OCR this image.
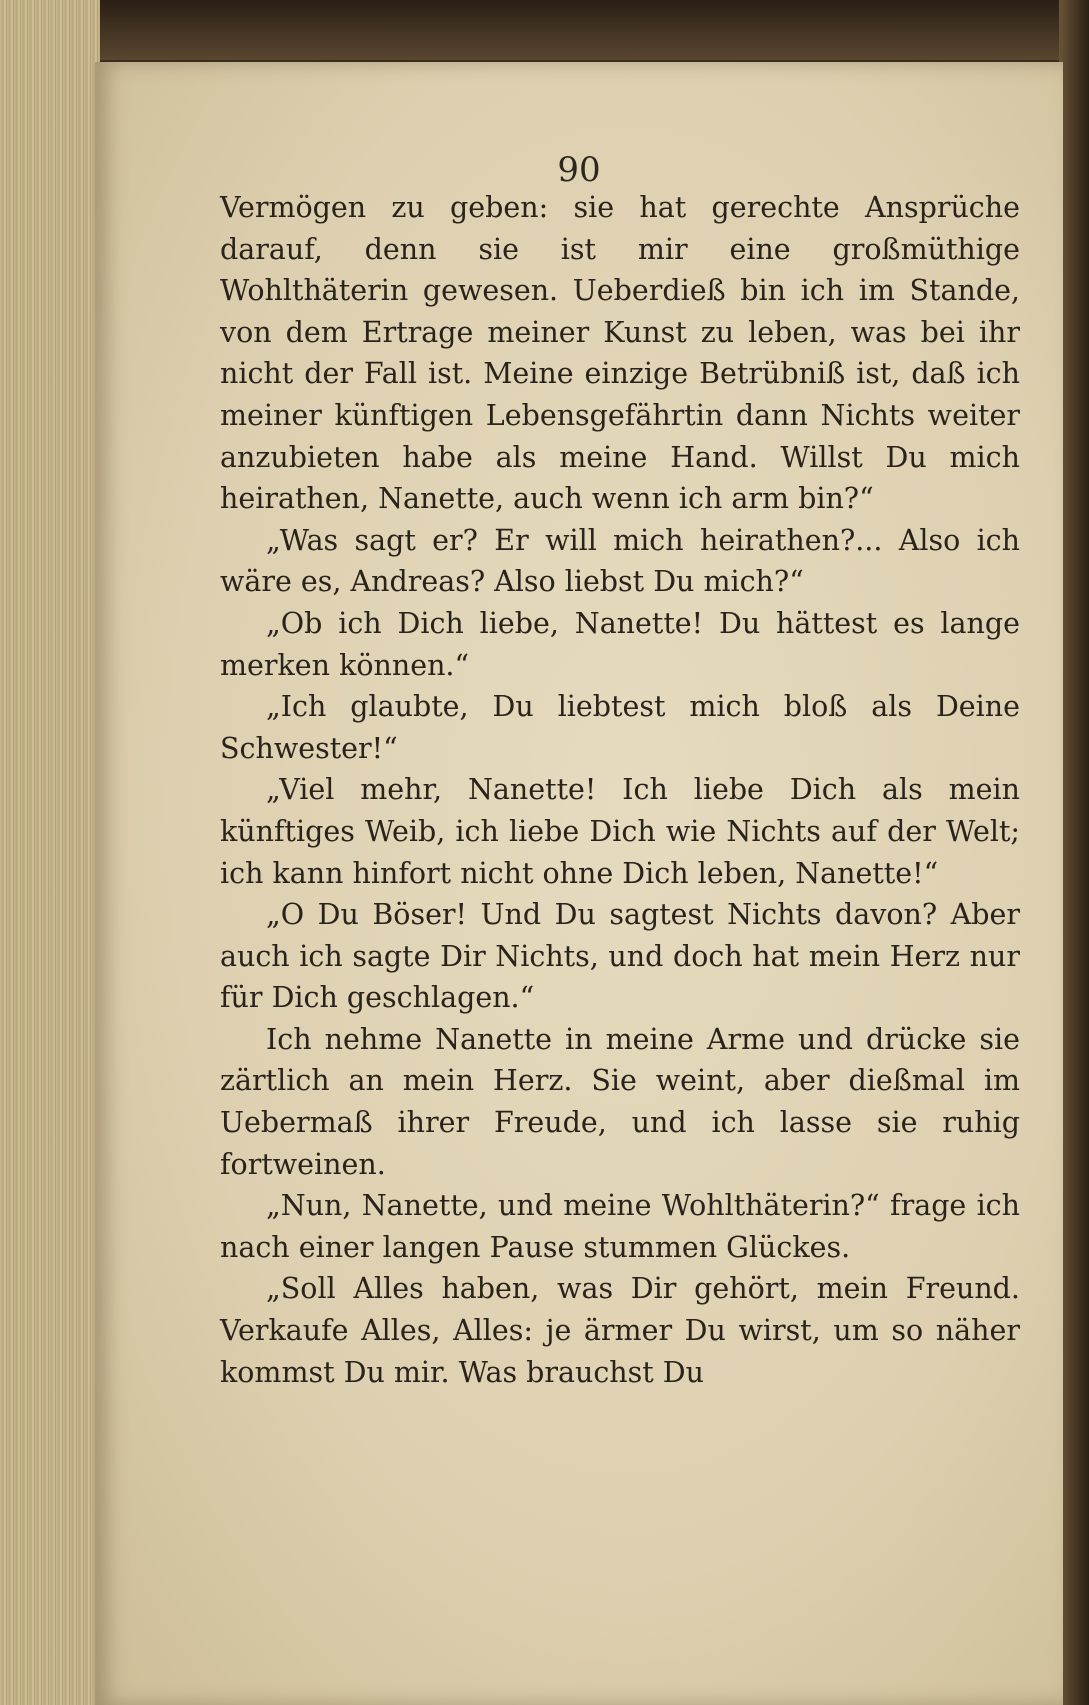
90

Vermögen zu geben: sie hat gerechte Ansprüche darauf, denn sie ist mir eine großmüthige Wohlthäterin gewesen. Ueberdieß bin ich im Stande, von dem Ertrage meiner Kunst zu leben, was bei ihr nicht der Fall ist. Meine einzige Betrübniß ist, daß ich meiner künftigen Lebensgefährtin dann Nichts weiter anzubieten habe als meine Hand. Willst Du mich heirathen, Nanette, auch wenn ich arm bin?“

„Was sagt er? Er will mich heirathen?... Also ich wäre es, Andreas? Also liebst Du mich?“

„Ob ich Dich liebe, Nanette! Du hättest es lange merken können.“

„Ich glaubte, Du liebtest mich bloß als Deine Schwester!“

„Viel mehr, Nanette! Ich liebe Dich als mein künftiges Weib, ich liebe Dich wie Nichts auf der Welt; ich kann hinfort nicht ohne Dich leben, Nanette!“

„O Du Böser! Und Du sagtest Nichts davon? Aber auch ich sagte Dir Nichts, und doch hat mein Herz nur für Dich geschlagen.“

Ich nehme Nanette in meine Arme und drücke sie zärtlich an mein Herz. Sie weint, aber dießmal im Uebermaß ihrer Freude, und ich lasse sie ruhig fortweinen.

„Nun, Nanette, und meine Wohlthäterin?“ frage ich nach einer langen Pause stummen Glückes.

„Soll Alles haben, was Dir gehört, mein Freund. Verkaufe Alles, Alles: je ärmer Du wirst, um so näher kommst Du mir. Was brauchst Du
